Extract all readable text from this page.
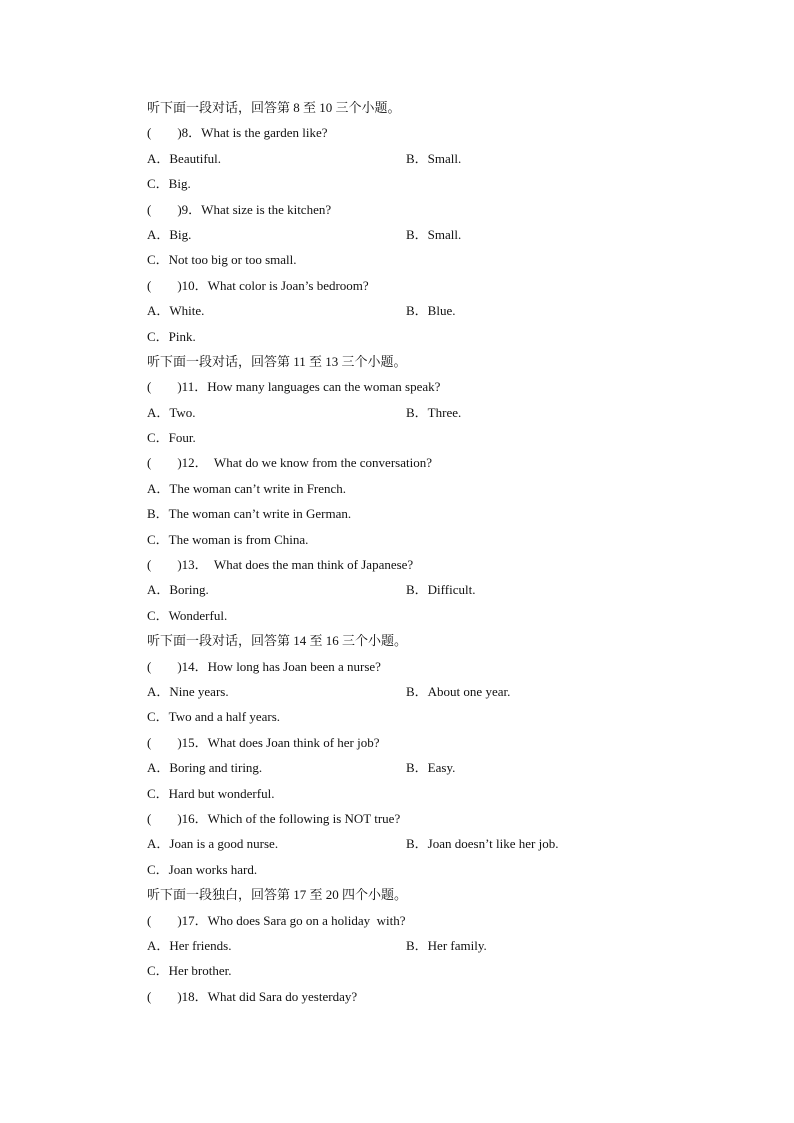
听下面一段对话，回答第 8 至 10 三个小题。
(        )8．What is the garden like?
A．Beautiful.	B．Small.
C．Big.
(        )9．What size is the kitchen?
A．Big.	B．Small.
C．Not too big or too small.
(        )10．What color is Joan’s bedroom?
A．White.	B．Blue.
C．Pink.
听下面一段对话，回答第 11 至 13 三个小题。
(        )11．How many languages can the woman speak?
A．Two.	B．Three.
C．Four.
(        )12．  What do we know from the conversation?
A．The woman can’t write in French.
B．The woman can’t write in German.
C．The woman is from China.
(        )13．  What does the man think of Japanese?
A．Boring.	B．Difficult.
C．Wonderful.
听下面一段对话，回答第 14 至 16 三个小题。
(        )14．How long has Joan been a nurse?
A．Nine years.	B．About one year.
C．Two and a half years.
(        )15．What does Joan think of her job?
A．Boring and tiring.	B．Easy.
C．Hard but wonderful.
(        )16．Which of the following is NOT true?
A．Joan is a good nurse.	B．Joan doesn’t like her job.
C．Joan works hard.
听下面一段独白，回答第 17 至 20 四个小题。
(        )17．Who does Sara go on a holiday  with?
A．Her friends.	B．Her family.
C．Her brother.
(        )18．What did Sara do yesterday?
